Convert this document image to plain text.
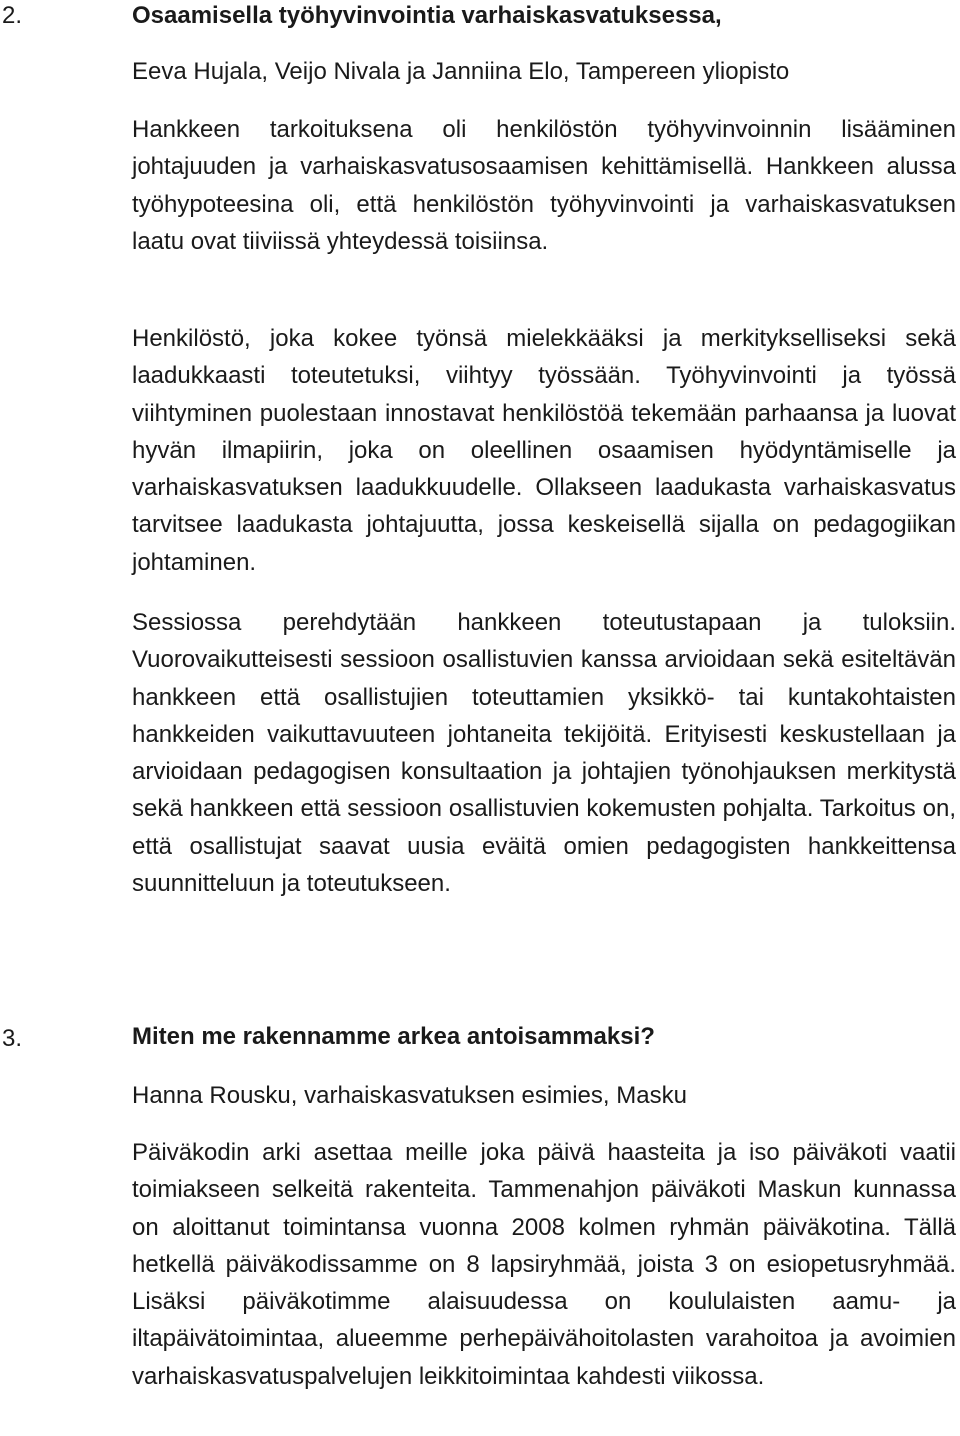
2.	Osaamisella työhyvinvointia varhaiskasvatuksessa,
Eeva Hujala, Veijo Nivala ja Janniina Elo, Tampereen yliopisto
Hankkeen tarkoituksena oli henkilöstön työhyvinvoinnin lisääminen johtajuuden ja varhaiskasvatusosaamisen kehittämisellä. Hankkeen alussa työhypoteesina oli, että henkilöstön työhyvinvointi ja varhaiskasvatuksen laatu ovat tiiviissä yhteydessä toisiinsa.
Henkilöstö, joka kokee työnsä mielekkääksi ja merkitykselliseksi sekä laadukkaasti toteutetuksi, viihtyy työssään. Työhyvinvointi ja työssä viihtyminen puolestaan innostavat henkilöstöä tekemään parhaansa ja luovat hyvän ilmapiirin, joka on oleellinen osaamisen hyödyntämiselle ja varhaiskasvatuksen laadukkuudelle. Ollakseen laadukasta varhaiskasvatus tarvitsee laadukasta johtajuutta, jossa keskeisellä sijalla on pedagogiikan johtaminen.
Sessiossa perehdytään hankkeen toteutustapaan ja tuloksiin. Vuorovaikutteisesti sessioon osallistuvien kanssa arvioidaan sekä esiteltävän hankkeen että osallistujien toteuttamien yksikkö- tai kuntakohtaisten hankkeiden vaikuttavuuteen johtaneita tekijöitä. Erityisesti keskustellaan ja arvioidaan pedagogisen konsultaation ja johtajien työnohjauksen merkitystä sekä hankkeen että sessioon osallistuvien kokemusten pohjalta. Tarkoitus on, että osallistujat saavat uusia eväitä omien pedagogisten hankkeittensa suunnitteluun ja toteutukseen.
3.	Miten me rakennamme arkea antoisammaksi?
Hanna Rousku, varhaiskasvatuksen esimies, Masku
Päiväkodin arki asettaa meille joka päivä haasteita ja iso päiväkoti vaatii toimiakseen selkeitä rakenteita. Tammenahjon päiväkoti Maskun kunnassa on aloittanut toimintansa vuonna 2008 kolmen ryhmän päiväkotina. Tällä hetkellä päiväkodissamme on 8 lapsiryhmää, joista 3 on esiopetusryhmää. Lisäksi päiväkotimme alaisuudessa on koululaisten aamu- ja iltapäivätoimintaa, alueemme perhepäivähoitolasten varahoitoa ja avoimien varhaiskasvatuspalvelujen leikkitoimintaa kahdesti viikossa.
